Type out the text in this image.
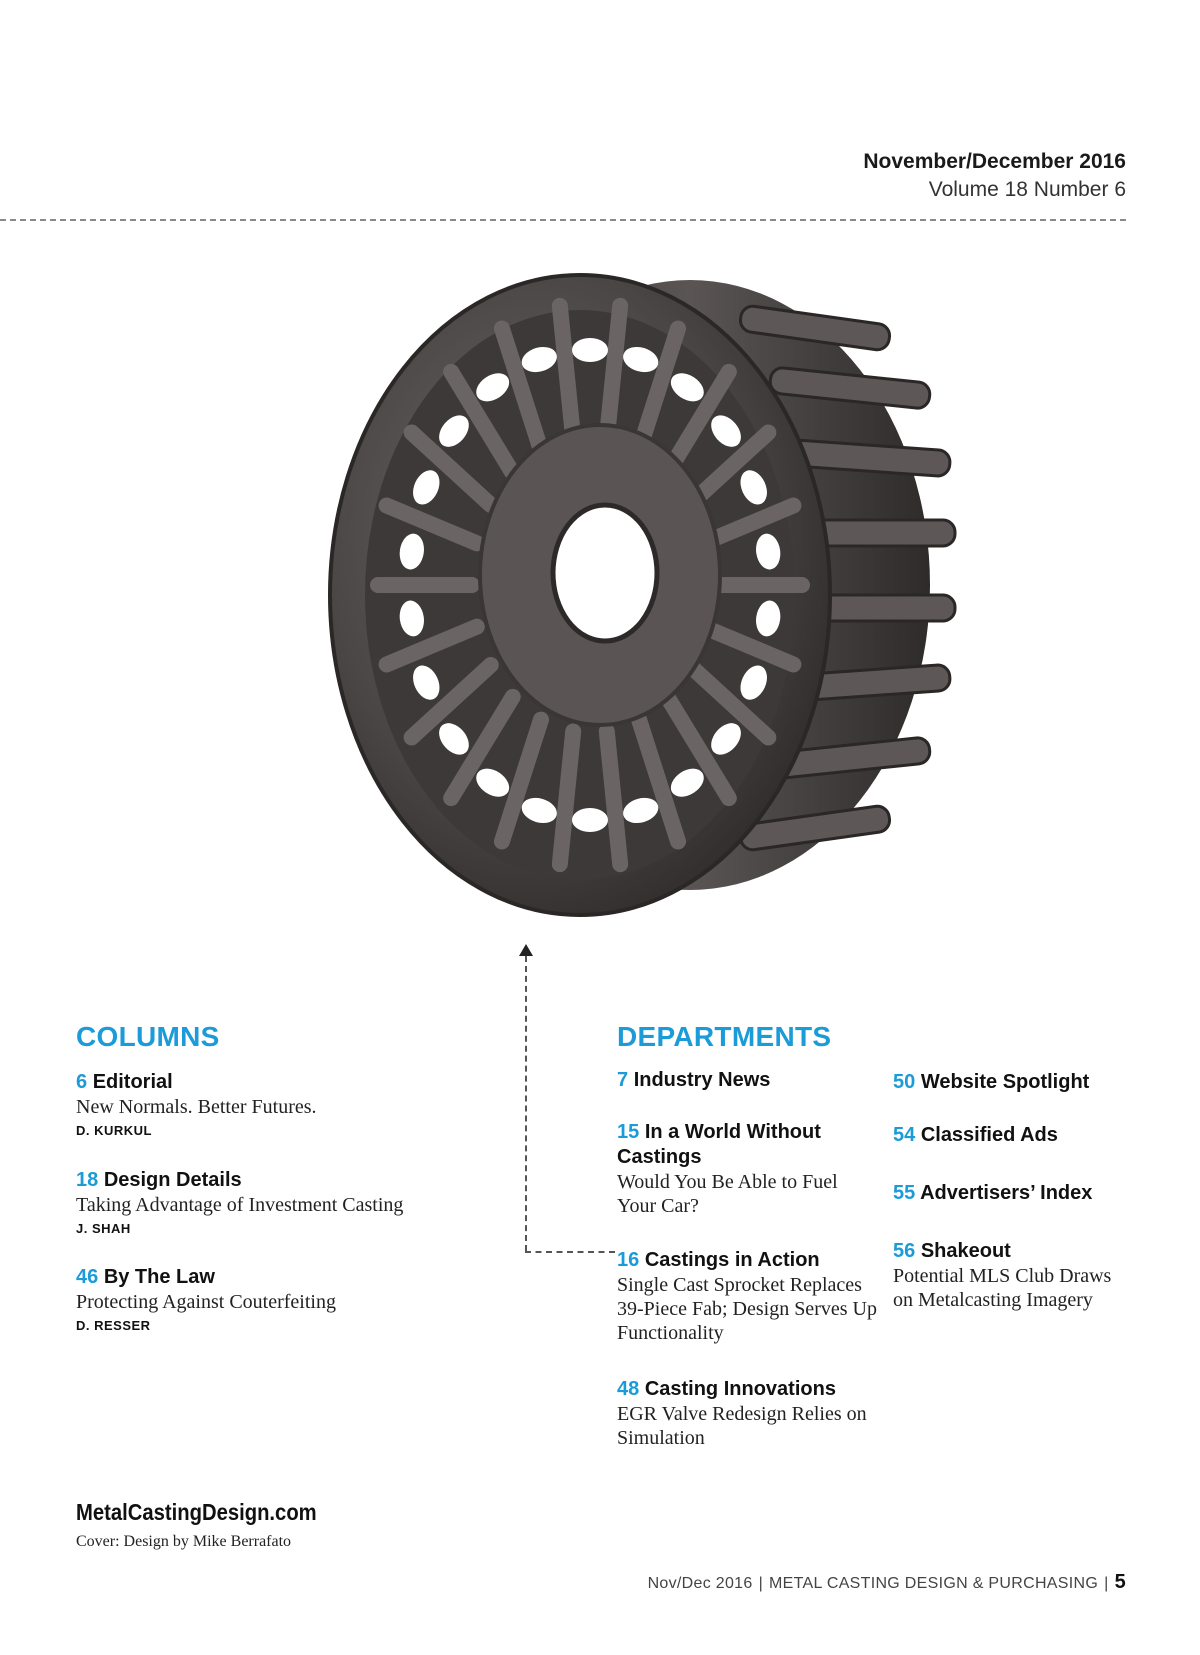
November/December 2016
Volume 18 Number 6
COLUMNS
6 Editorial
New Normals. Better Futures.
D. KURKUL
18 Design Details
Taking Advantage of Investment Casting
J. SHAH
46 By The Law
Protecting Against Couterfeiting
D. RESSER
DEPARTMENTS
7 Industry News
15 In a World Without Castings
Would You Be Able to Fuel Your Car?
16 Castings in Action
Single Cast Sprocket Replaces 39-Piece Fab; Design Serves Up Functionality
48 Casting Innovations
EGR Valve Redesign Relies on Simulation
50 Website Spotlight
54 Classified Ads
55 Advertisers’ Index
56 Shakeout
Potential MLS Club Draws on Metalcasting Imagery
MetalCastingDesign.com
Cover: Design by Mike Berrafato
Nov/Dec 2016 | METAL CASTING DESIGN & PURCHASING | 5
